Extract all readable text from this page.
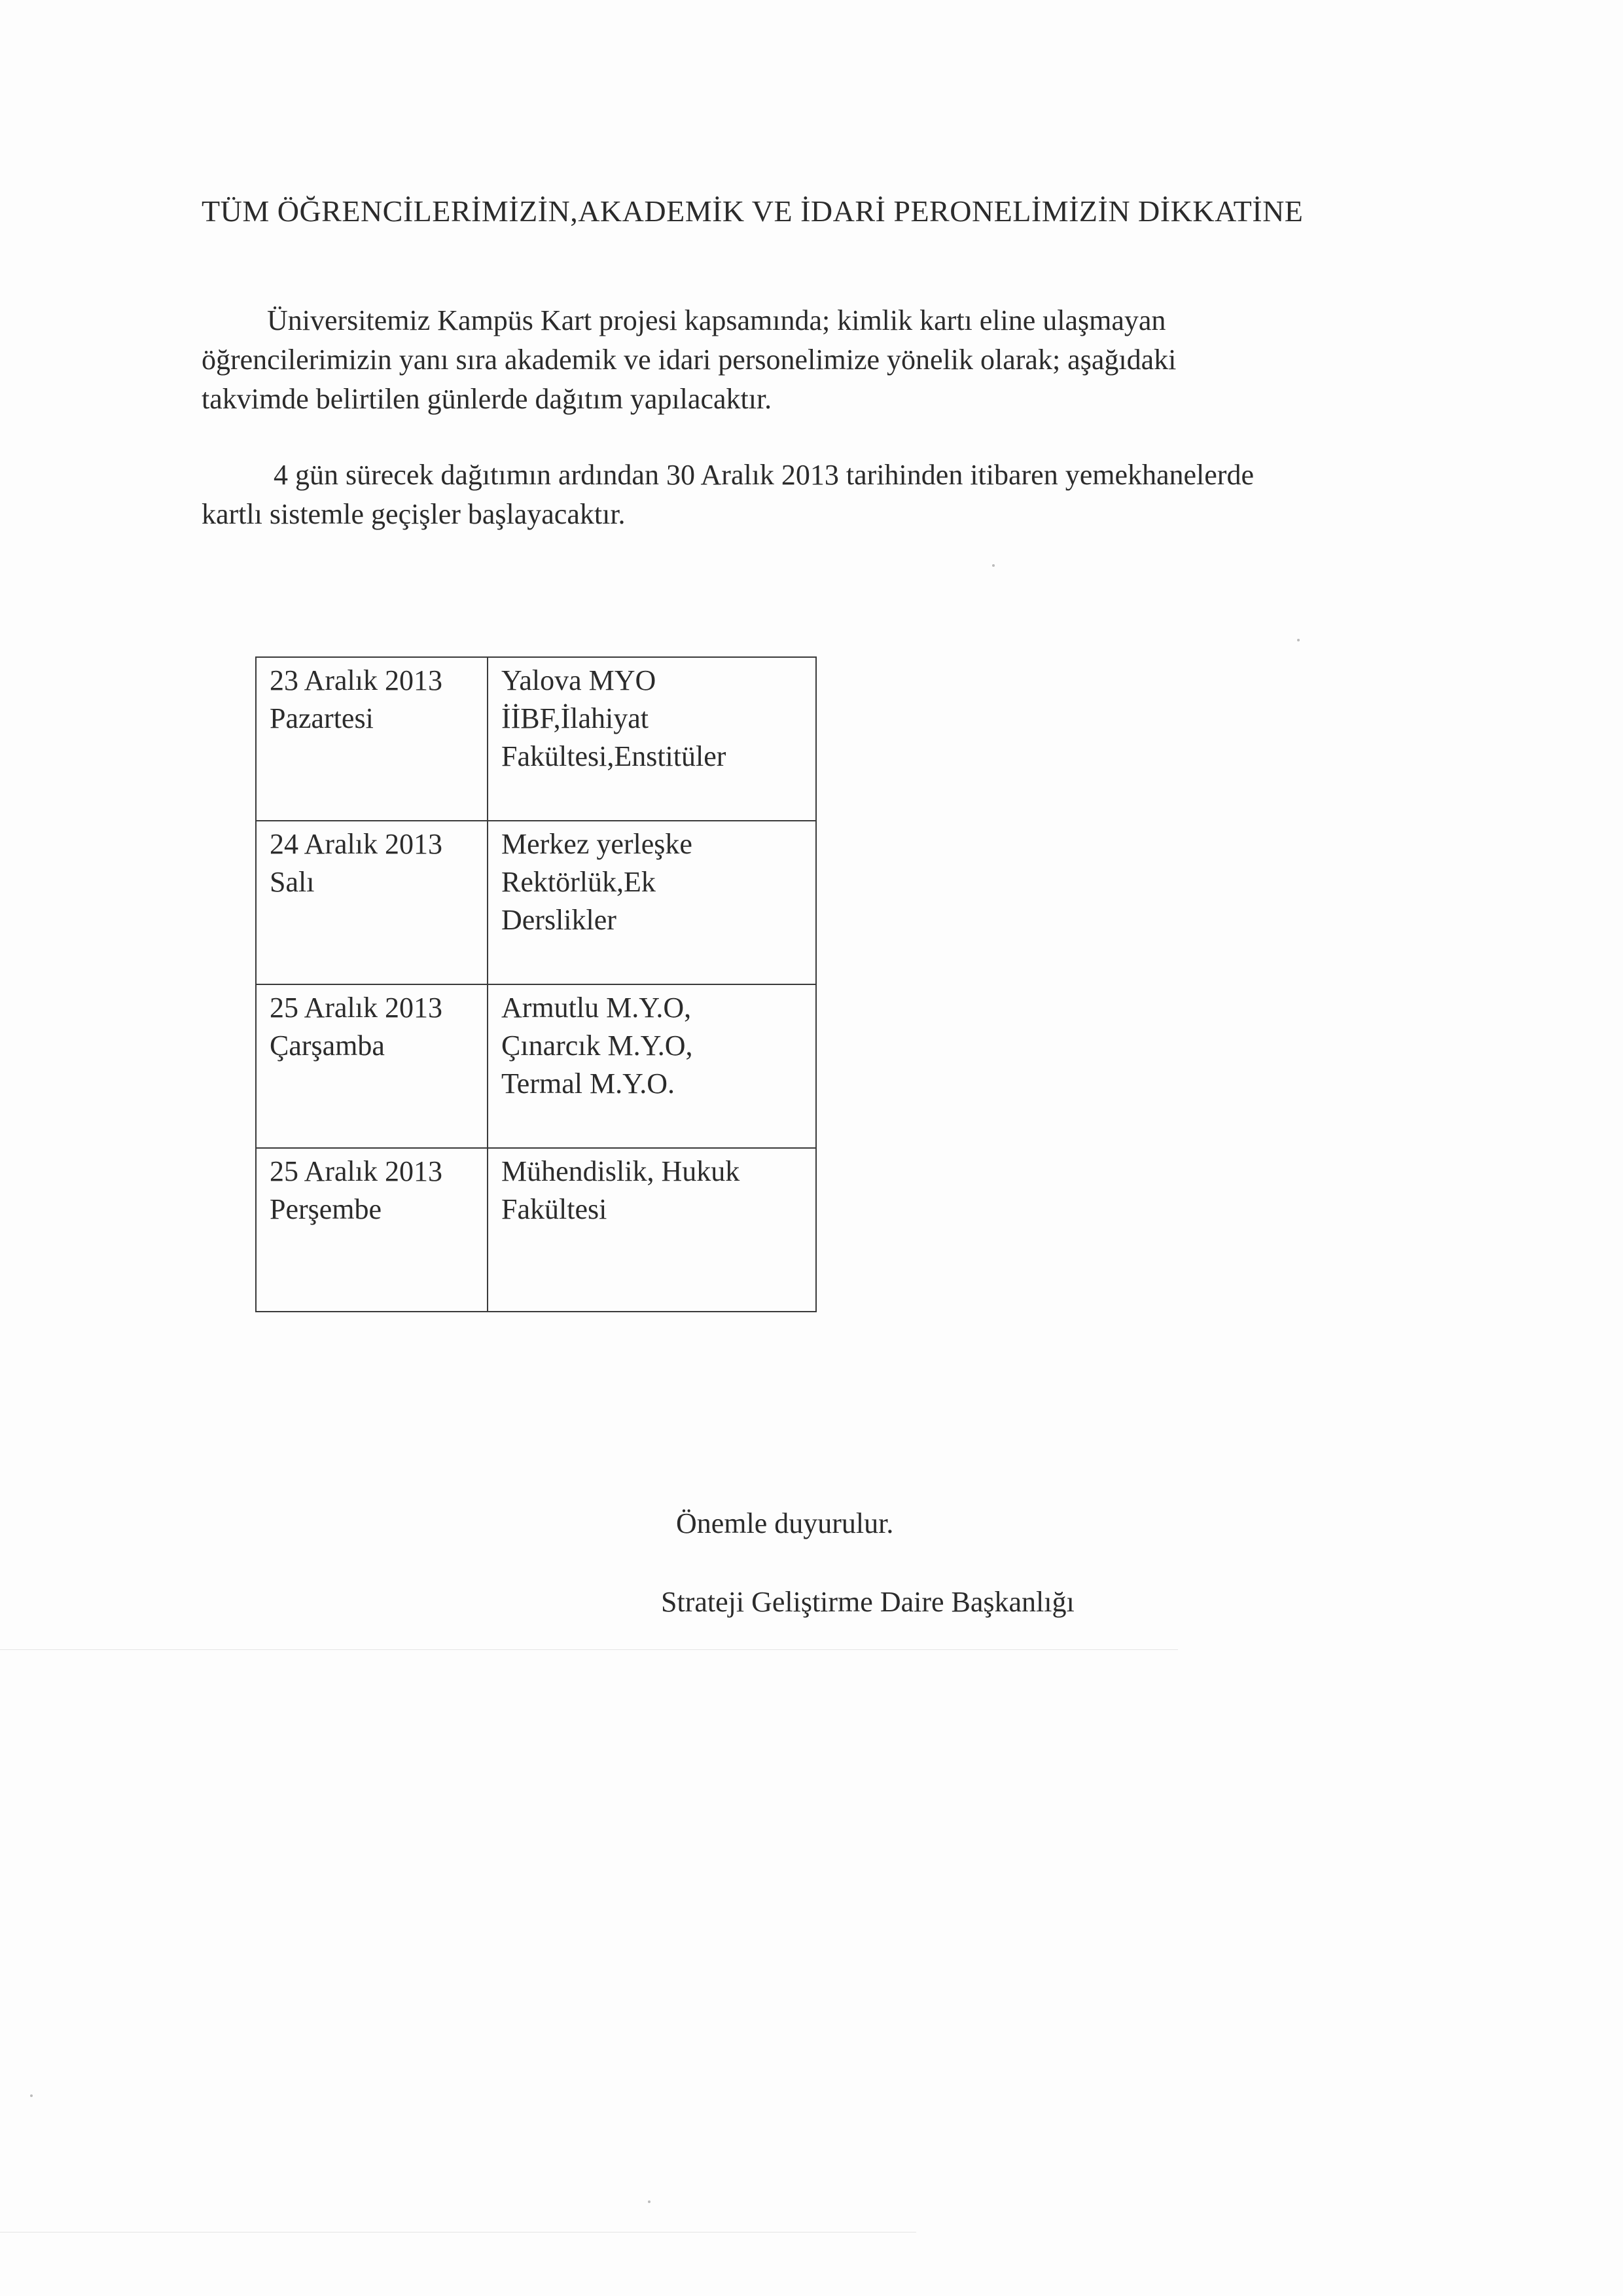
TÜM ÖĞRENCİLERİMİZİN,AKADEMİK VE İDARİ PERONELİMİZİN DİKKATİNE

Üniversitemiz Kampüs Kart projesi kapsamında; kimlik kartı eline ulaşmayan
öğrencilerimizin yanı sıra akademik ve idari personelimize yönelik olarak; aşağıdaki
takvimde belirtilen günlerde dağıtım yapılacaktır.

4 gün sürecek dağıtımın ardından 30 Aralık 2013 tarihinden itibaren yemekhanelerde
kartlı sistemle geçişler başlayacaktır.

23 Aralık 2013
Pazartesi	Yalova MYO
İİBF,İlahiyat
Fakültesi,Enstitüler

24 Aralık 2013
Salı	Merkez yerleşke
Rektörlük,Ek
Derslikler

25 Aralık 2013
Çarşamba	Armutlu M.Y.O,
Çınarcık M.Y.O,
Termal M.Y.O.

25 Aralık 2013
Perşembe	Mühendislik, Hukuk
Fakültesi
Önemle duyurulur.
Strateji Geliştirme Daire Başkanlığı
